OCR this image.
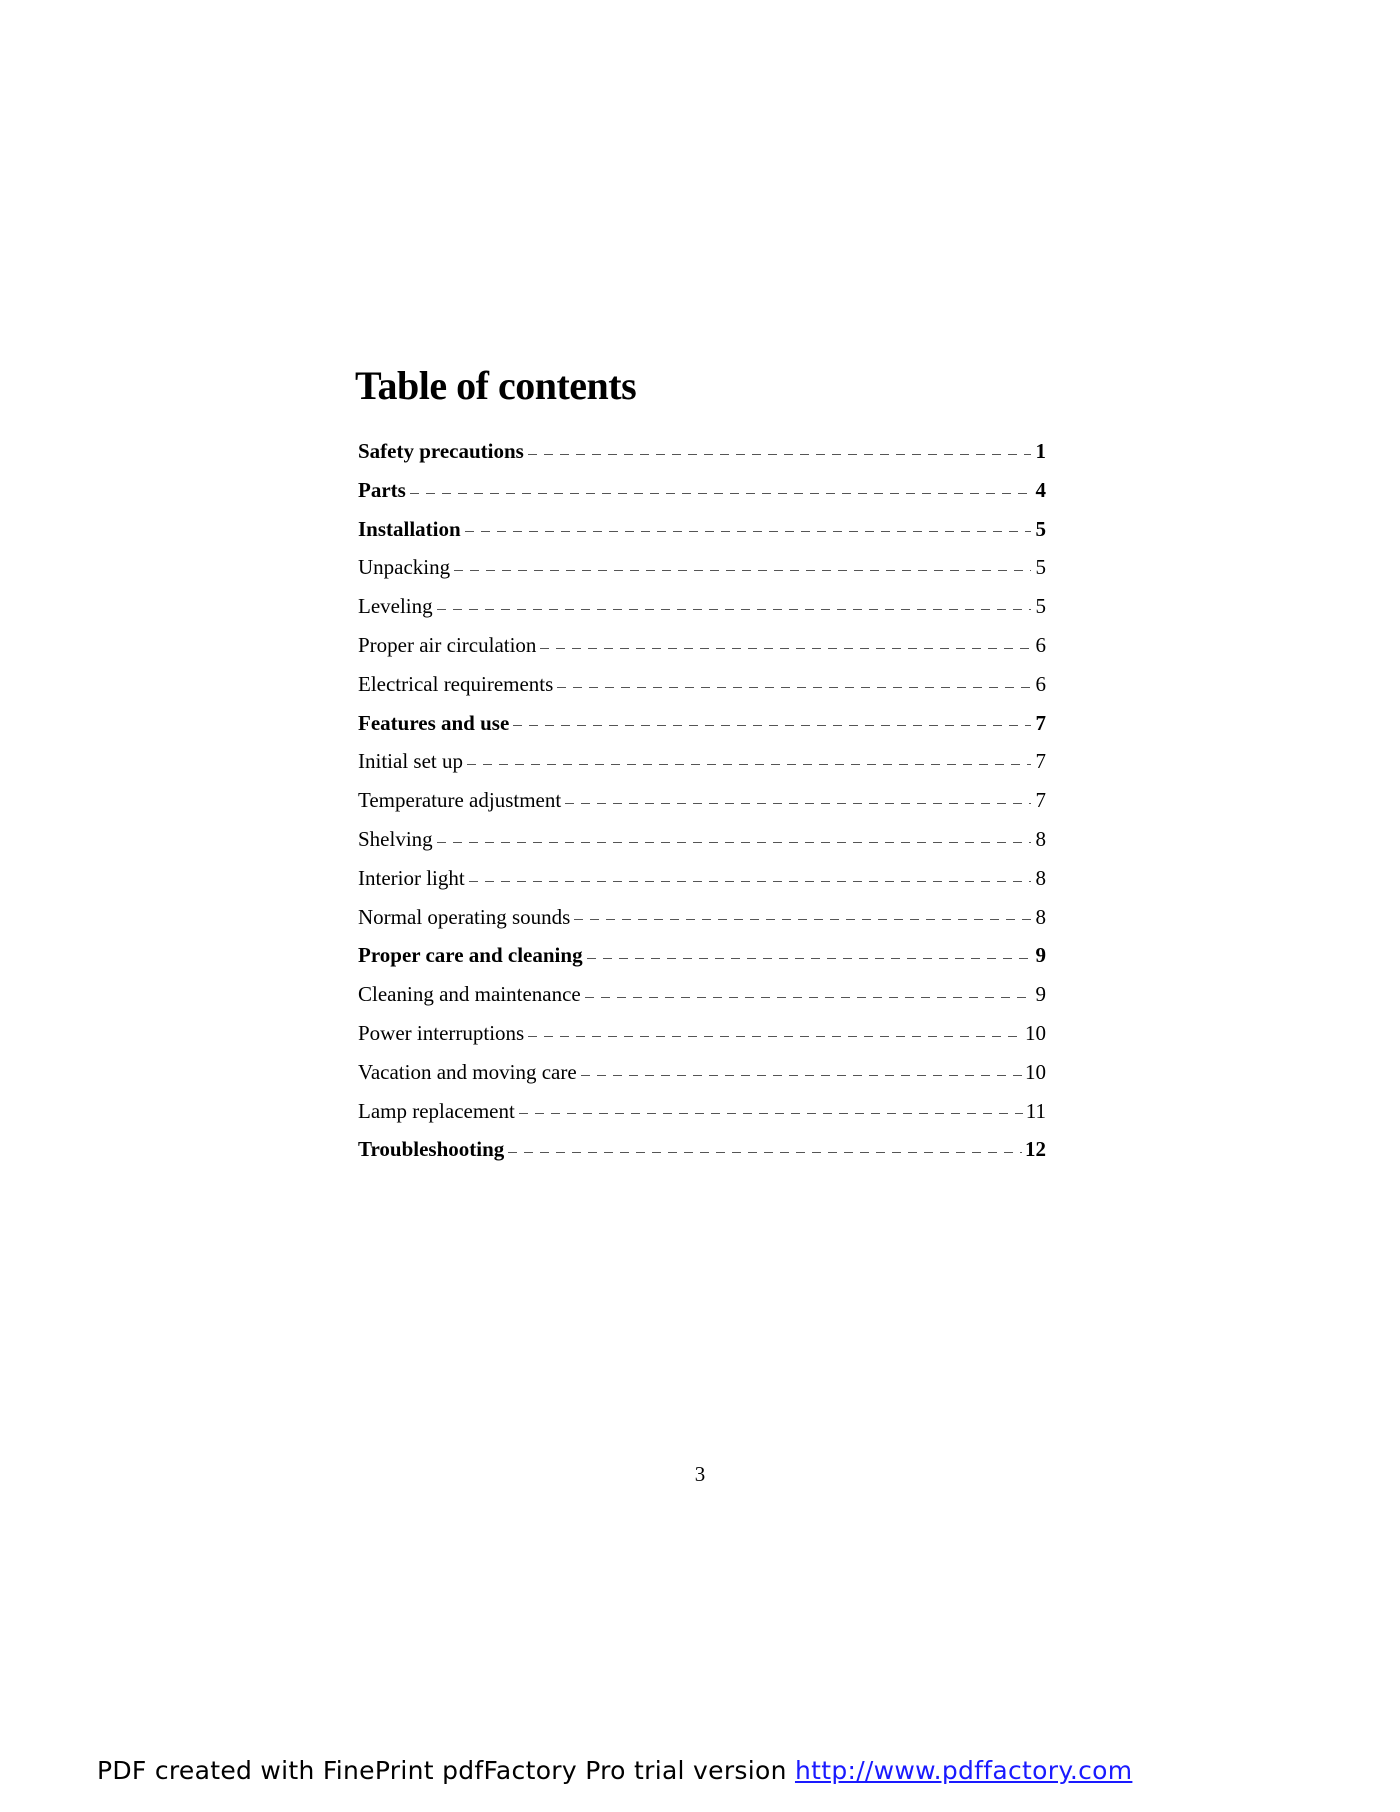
Table of contents
Safety precautions	1
Parts	4
Installation	5
Unpacking	5
Leveling	5
Proper air circulation	6
Electrical requirements	6
Features and use	7
Initial set up	7
Temperature adjustment	7
Shelving	8
Interior light	8
Normal operating sounds	8
Proper care and cleaning	9
Cleaning and maintenance	9
Power interruptions	10
Vacation and moving care	10
Lamp replacement	11
Troubleshooting	12
3
PDF created with FinePrint pdfFactory Pro trial version http://www.pdffactory.com
